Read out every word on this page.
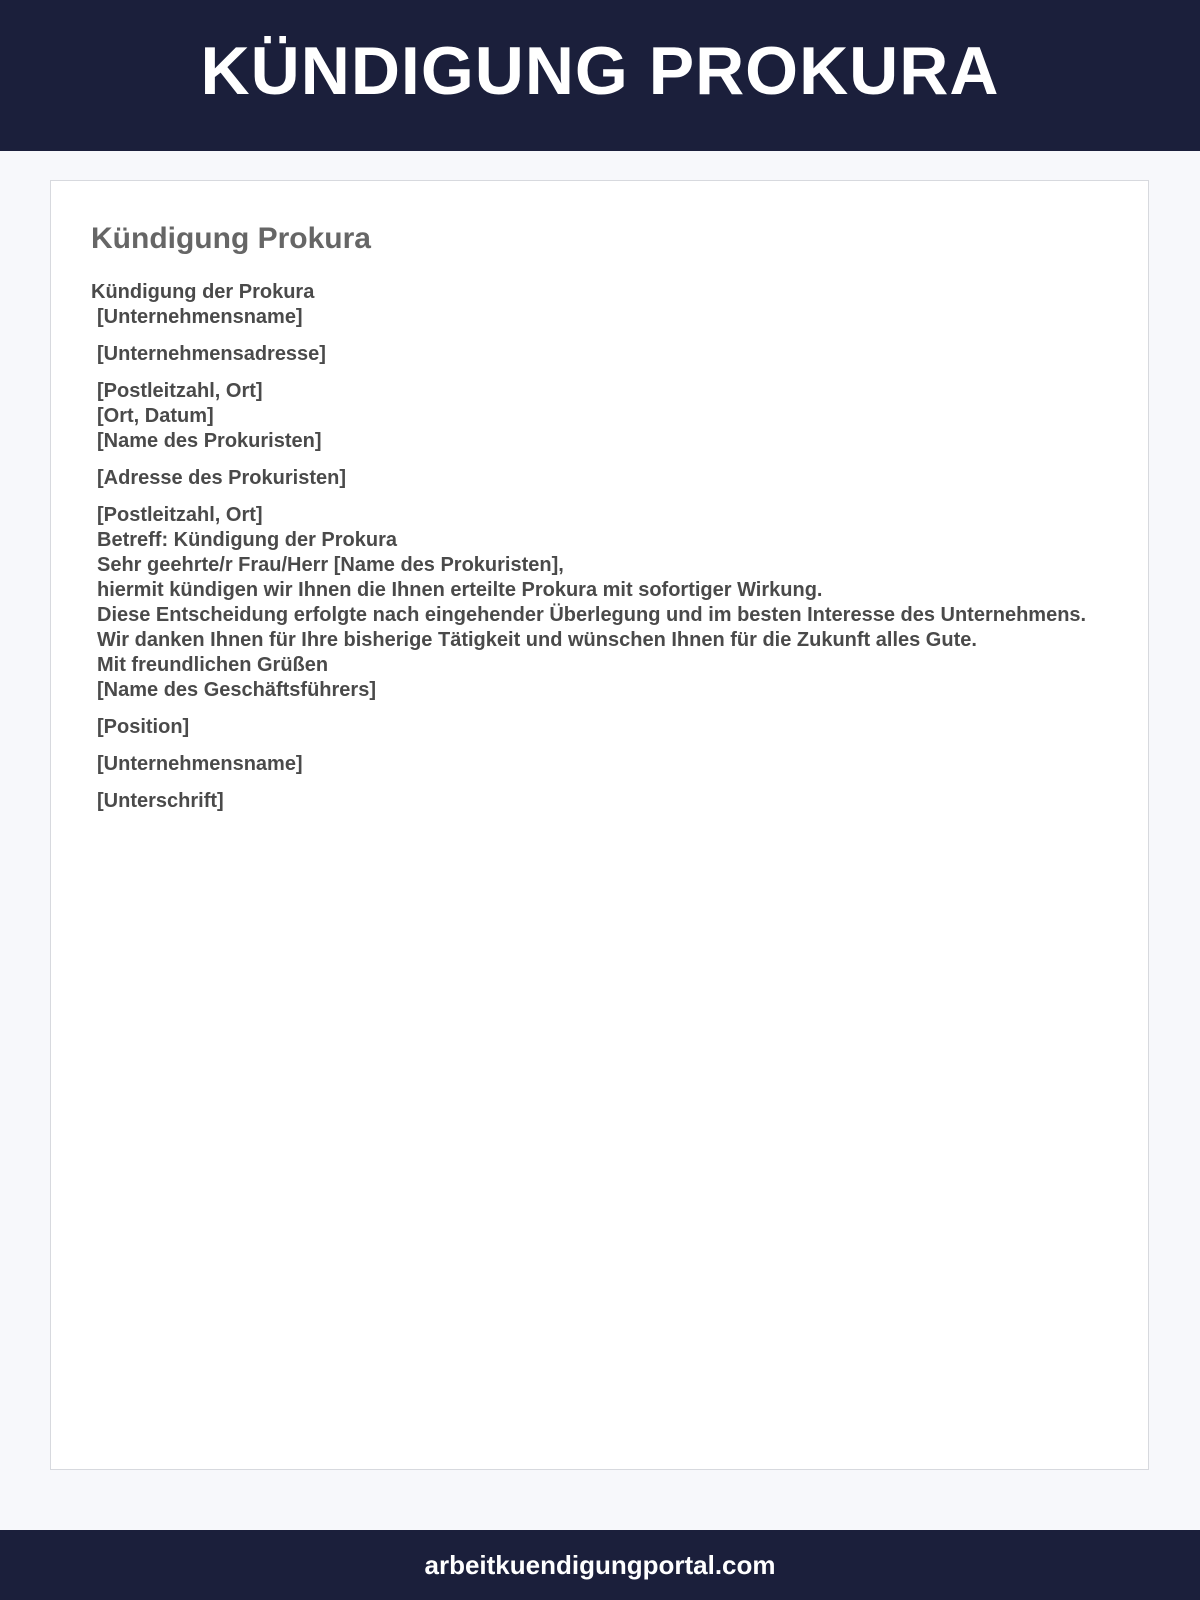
KÜNDIGUNG PROKURA
Kündigung Prokura
Kündigung der Prokura
[Unternehmensname]
[Unternehmensadresse]
[Postleitzahl, Ort]
[Ort, Datum]
[Name des Prokuristen]
[Adresse des Prokuristen]
[Postleitzahl, Ort]
Betreff: Kündigung der Prokura
Sehr geehrte/r Frau/Herr [Name des Prokuristen],
hiermit kündigen wir Ihnen die Ihnen erteilte Prokura mit sofortiger Wirkung.
Diese Entscheidung erfolgte nach eingehender Überlegung und im besten Interesse des Unternehmens.
Wir danken Ihnen für Ihre bisherige Tätigkeit und wünschen Ihnen für die Zukunft alles Gute.
Mit freundlichen Grüßen
[Name des Geschäftsführers]
[Position]
[Unternehmensname]
[Unterschrift]
arbeitkuendigungportal.com
